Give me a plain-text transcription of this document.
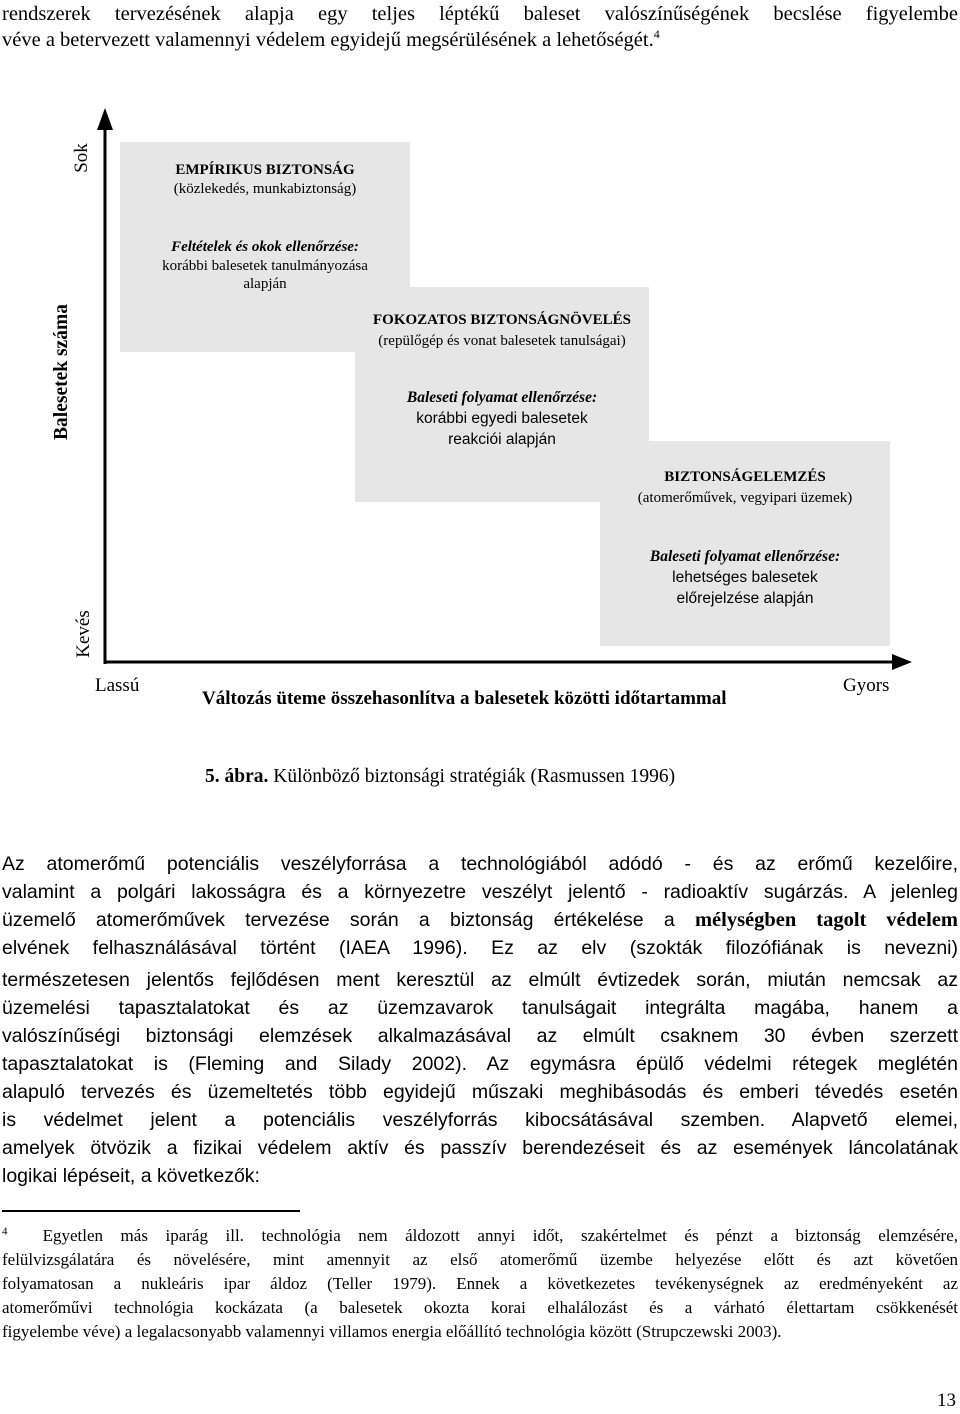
rendszerek tervezésének alapja egy teljes léptékű baleset valószínűségének becslése figyelembe
véve a betervezett valamennyi védelem egyidejű megsérülésének a lehetőségét.$^4$
EMPÍRIKUS BIZTONSÁG
(közlekedés, munkabiztonság)
Feltételek és okok ellenőrzése:
korábbi balesetek tanulmányozása
alapján
FOKOZATOS BIZTONSÁGNÖVELÉS
(repülőgép és vonat balesetek tanulságai)
Baleseti folyamat ellenőrzése:
korábbi egyedi balesetek
reakciói alapján
BIZTONSÁGELEMZÉS
(atomerőművek, vegyipari üzemek)
Baleseti folyamat ellenőrzése:
lehetséges balesetek
előrejelzése alapján
Sok
Balesetek száma
Kevés
Lassú
Változás üteme összehasonlítva a balesetek közötti időtartammal
Gyors
5. ábra. Különböző biztonsági stratégiák (Rasmussen 1996)
Az atomerőmű potenciális veszélyforrása a technológiából adódó - és az erőmű kezelőire,
valamint a polgári lakosságra és a környezetre veszélyt jelentő - radioaktív sugárzás. A jelenleg
üzemelő atomerőművek tervezése során a biztonság értékelése a mélységben tagolt védelem
elvének felhasználásával történt (IAEA 1996). Ez az elv (szokták filozófiának is nevezni)
természetesen jelentős fejlődésen ment keresztül az elmúlt évtizedek során, miután nemcsak az
üzemelési tapasztalatokat és az üzemzavarok tanulságait integrálta magába, hanem a
valószínűségi biztonsági elemzések alkalmazásával az elmúlt csaknem 30 évben szerzett
tapasztalatokat is (Fleming and Silady 2002). Az egymásra épülő védelmi rétegek meglétén
alapuló tervezés és üzemeltetés több egyidejű műszaki meghibásodás és emberi tévedés esetén
is védelmet jelent a potenciális veszélyforrás kibocsátásával szemben. Alapvető elemei,
amelyek ötvözik a fizikai védelem aktív és passzív berendezéseit és az események láncolatának
logikai lépéseit, a következők:
$^4$ Egyetlen más iparág ill. technológia nem áldozott annyi időt, szakértelmet és pénzt a biztonság elemzésére,
felülvizsgálatára és növelésére, mint amennyit az első atomerőmű üzembe helyezése előtt és azt követően
folyamatosan a nukleáris ipar áldoz (Teller 1979). Ennek a következetes tevékenységnek az eredményeként az
atomerőművi technológia kockázata (a balesetek okozta korai elhalálozást és a várható élettartam csökkenését
figyelembe véve) a legalacsonyabb valamennyi villamos energia előállító technológia között (Strupczewski 2003).
13
